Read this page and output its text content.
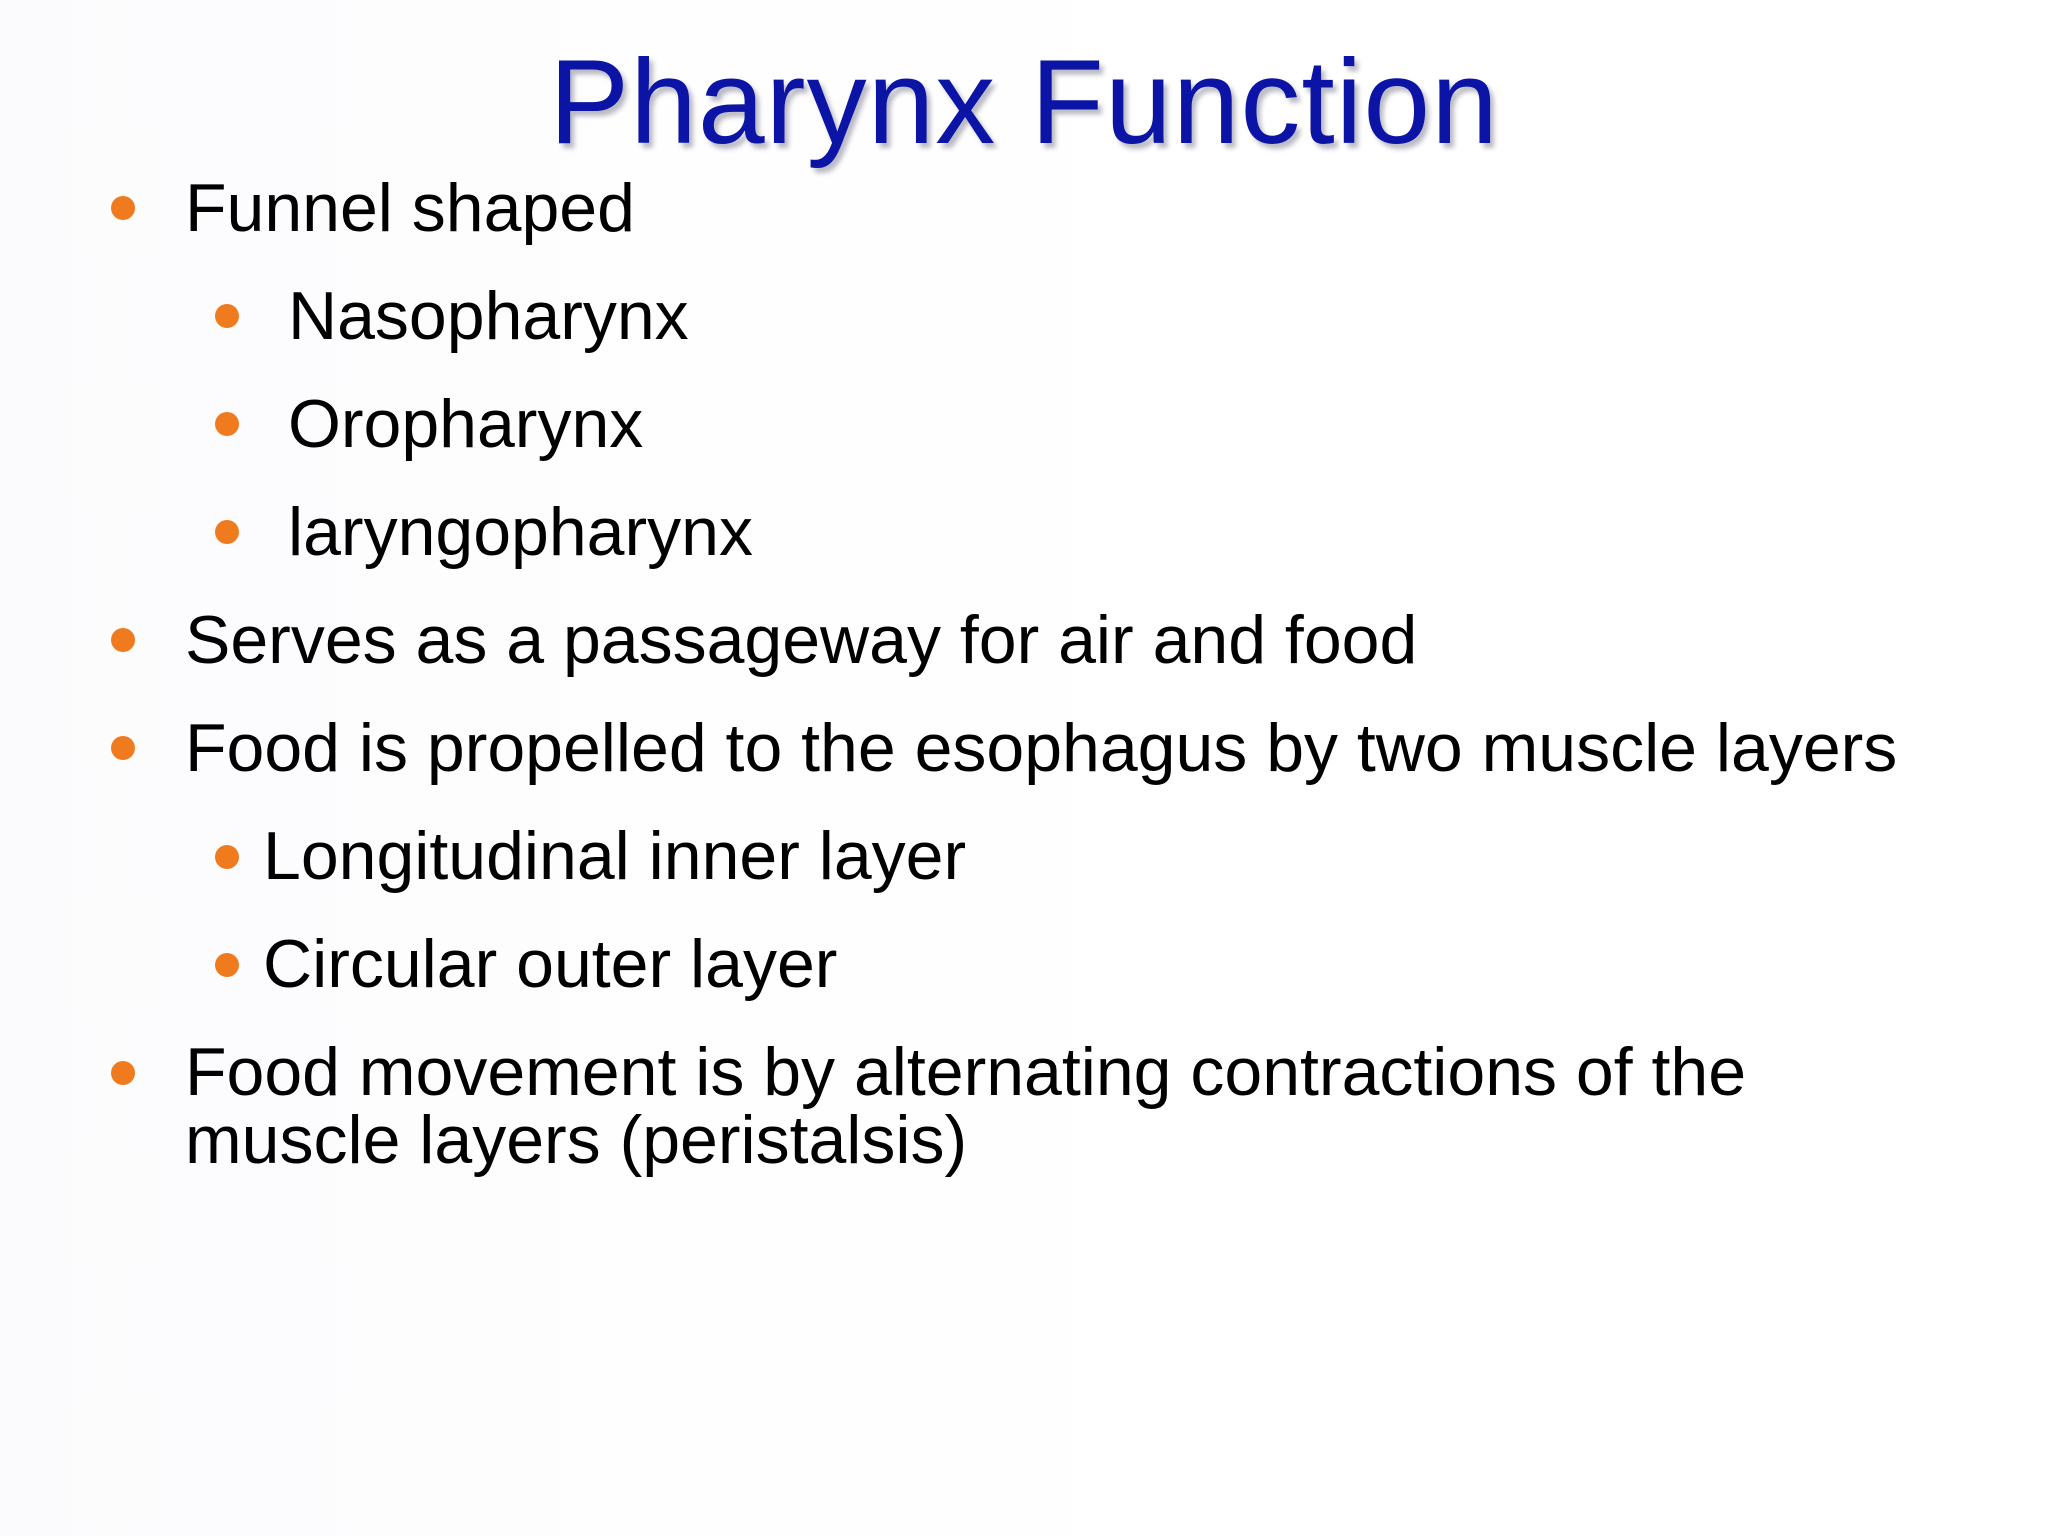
Pharynx Function
Funnel shaped
Nasopharynx
Oropharynx
laryngopharynx
Serves as a passageway for air and food
Food is propelled to the esophagus by two muscle layers
Longitudinal inner layer
Circular outer layer
Food movement is by alternating contractions of the
muscle layers (peristalsis)
